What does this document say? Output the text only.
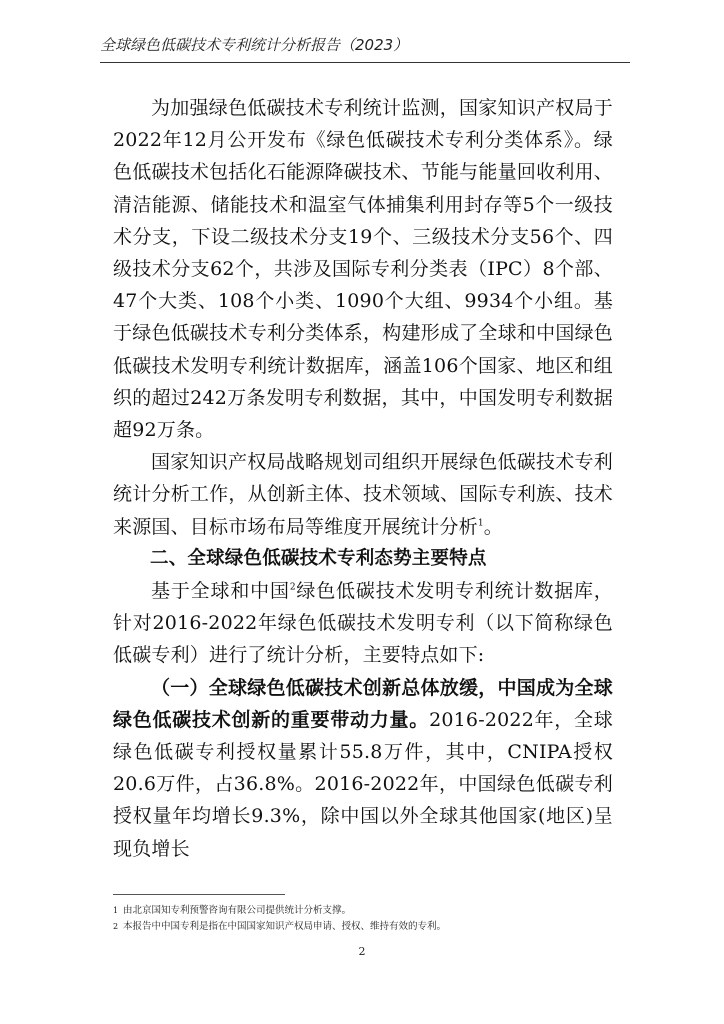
全球绿色低碳技术专利统计分析报告（2023）

为加强绿色低碳技术专利统计监测，国家知识产权局于2022年12月公开发布《绿色低碳技术专利分类体系》。绿色低碳技术包括化石能源降碳技术、节能与能量回收利用、清洁能源、储能技术和温室气体捕集利用封存等5个一级技术分支，下设二级技术分支19个、三级技术分支56个、四级技术分支62个，共涉及国际专利分类表（IPC）8个部、47个大类、108个小类、1090个大组、9934个小组。基于绿色低碳技术专利分类体系，构建形成了全球和中国绿色低碳技术发明专利统计数据库，涵盖106个国家、地区和组织的超过242万条发明专利数据，其中，中国发明专利数据超92万条。

国家知识产权局战略规划司组织开展绿色低碳技术专利统计分析工作，从创新主体、技术领域、国际专利族、技术来源国、目标市场布局等维度开展统计分析$^1$。

二、全球绿色低碳技术专利态势主要特点

基于全球和中国$^2$绿色低碳技术发明专利统计数据库，针对2016-2022年绿色低碳技术发明专利（以下简称绿色低碳专利）进行了统计分析，主要特点如下:

（一）全球绿色低碳技术创新总体放缓，中国成为全球绿色低碳技术创新的重要带动力量。2016-2022年，全球绿色低碳专利授权量累计55.8万件，其中，CNIPA授权20.6万件，占36.8%。2016-2022年，中国绿色低碳专利授权量年均增长9.3%，除中国以外全球其他国家(地区)呈现负增长

1 由北京国知专利预警咨询有限公司提供统计分析支撑。
2 本报告中中国专利是指在中国国家知识产权局申请、授权、维持有效的专利。
2
